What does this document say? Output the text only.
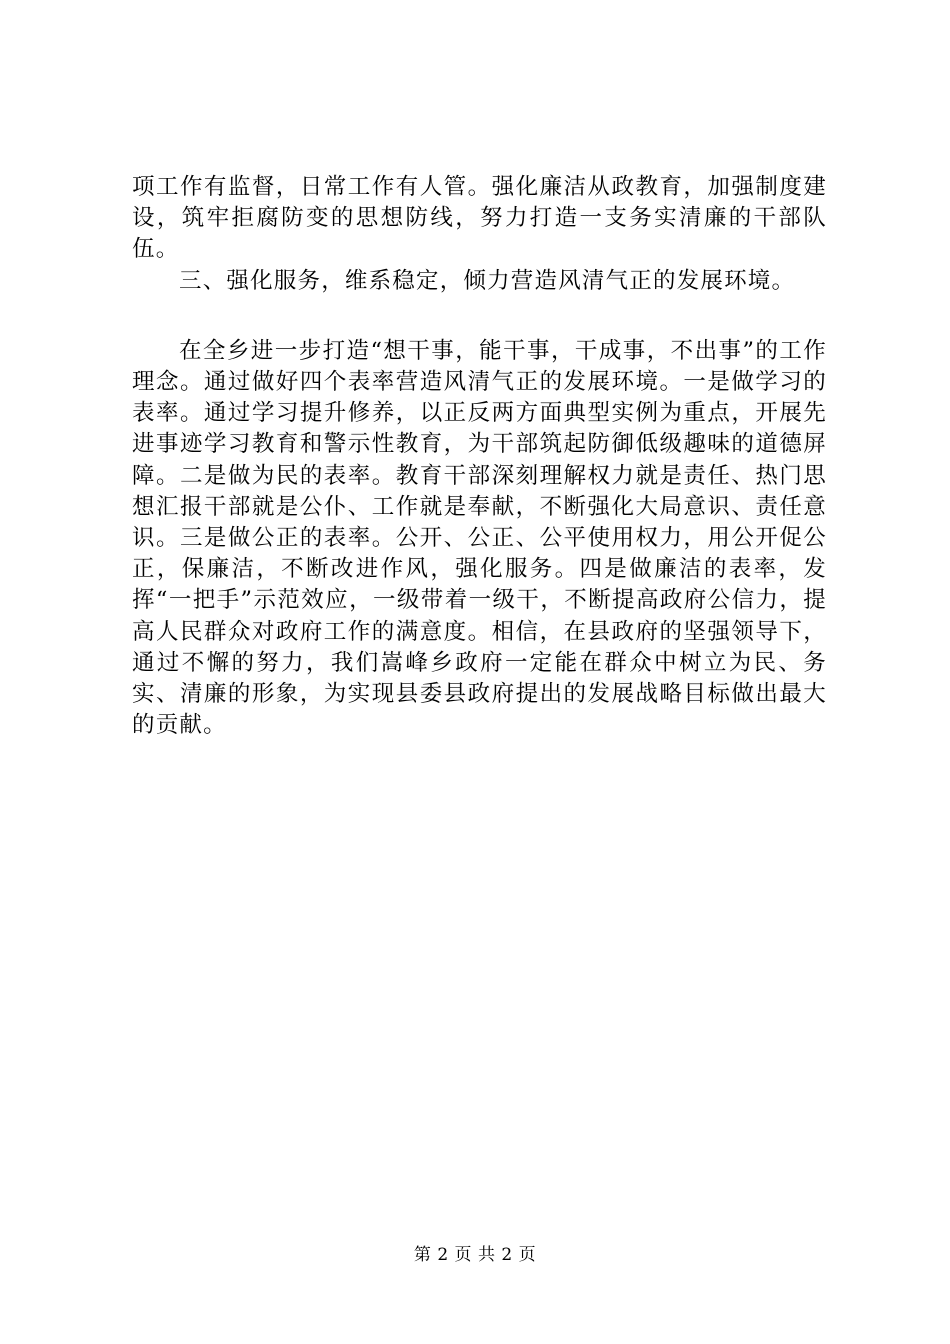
项工作有监督，日常工作有人管。强化廉洁从政教育，加强制度建设，筑牢拒腐防变的思想防线，努力打造一支务实清廉的干部队伍。

三、强化服务，维系稳定，倾力营造风清气正的发展环境。

在全乡进一步打造“想干事，能干事，干成事，不出事”的工作理念。通过做好四个表率营造风清气正的发展环境。一是做学习的表率。通过学习提升修养，以正反两方面典型实例为重点，开展先进事迹学习教育和警示性教育，为干部筑起防御低级趣味的道德屏障。二是做为民的表率。教育干部深刻理解权力就是责任、热门思想汇报干部就是公仆、工作就是奉献，不断强化大局意识、责任意识。三是做公正的表率。公开、公正、公平使用权力，用公开促公正，保廉洁，不断改进作风，强化服务。四是做廉洁的表率，发挥“一把手”示范效应，一级带着一级干，不断提高政府公信力，提高人民群众对政府工作的满意度。相信，在县政府的坚强领导下，通过不懈的努力，我们嵩峰乡政府一定能在群众中树立为民、务实、清廉的形象，为实现县委县政府提出的发展战略目标做出最大的贡献。

第 2 页 共 2 页
